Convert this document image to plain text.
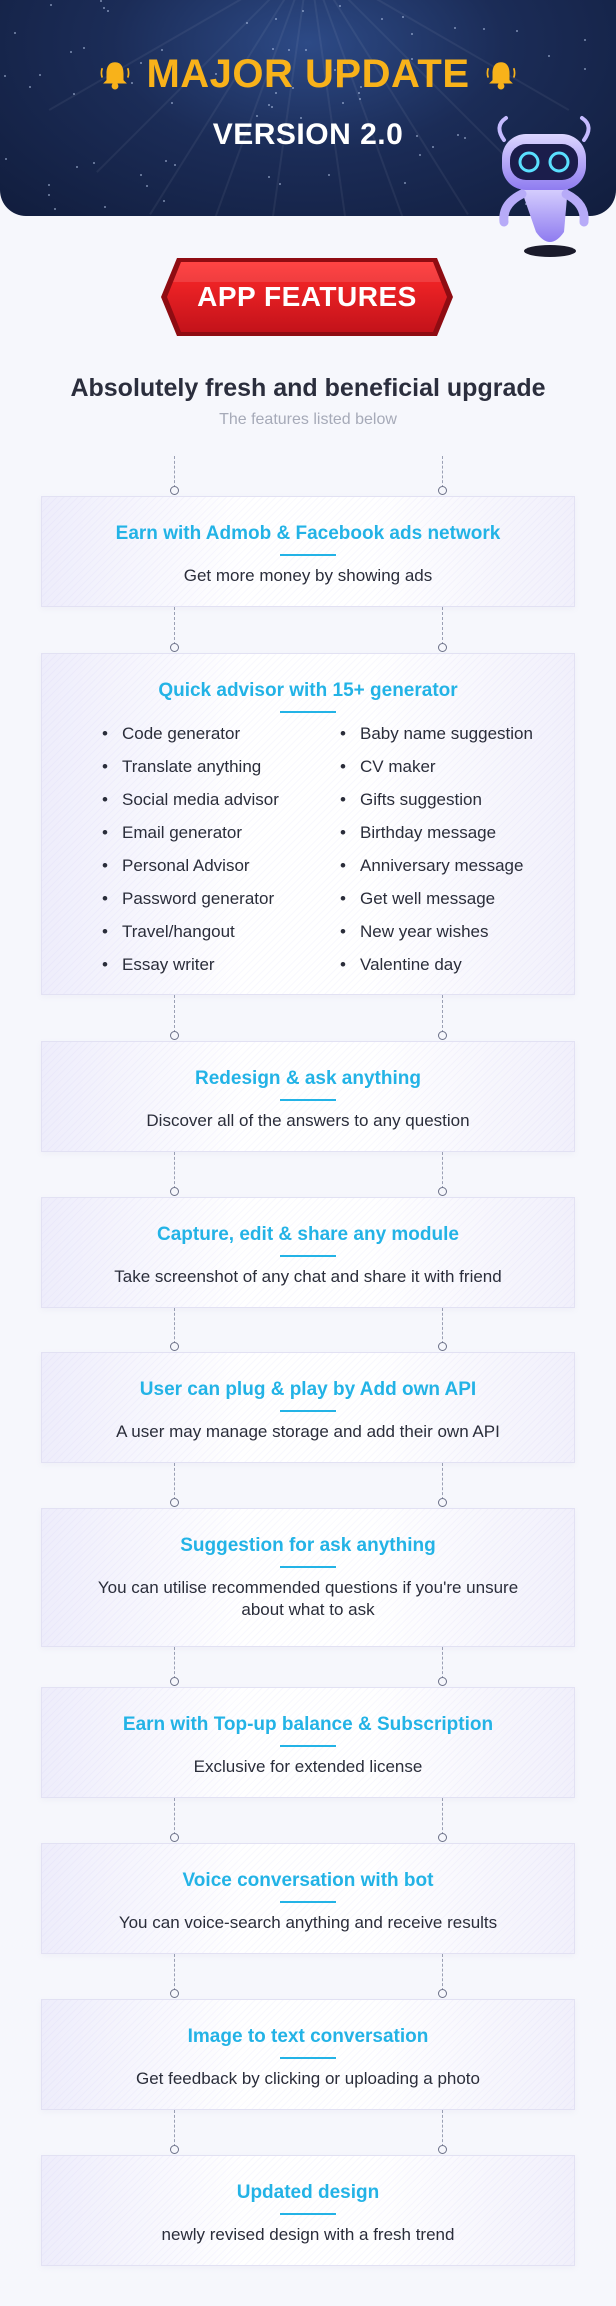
MAJOR UPDATE
VERSION 2.0
APP FEATURES
Absolutely fresh and beneficial upgrade
The features listed below
Earn with Admob & Facebook ads network
Get more money by showing ads
Quick advisor with 15+ generator
• Code generator
• Translate anything
• Social media advisor
• Email generator
• Personal Advisor
• Password generator
• Travel/hangout
• Essay writer
• Baby name suggestion
• CV maker
• Gifts suggestion
• Birthday message
• Anniversary message
• Get well message
• New year wishes
• Valentine day
Redesign & ask anything
Discover all of the answers to any question
Capture, edit & share any module
Take screenshot of any chat and share it with friend
User can plug & play by Add own API
A user may manage storage and add their own API
Suggestion for ask anything
You can utilise recommended questions if you're unsure about what to ask
Earn with Top-up balance & Subscription
Exclusive for extended license
Voice conversation with bot
You can voice-search anything and receive results
Image to text conversation
Get feedback by clicking or uploading a photo
Updated design
newly revised design with a fresh trend
